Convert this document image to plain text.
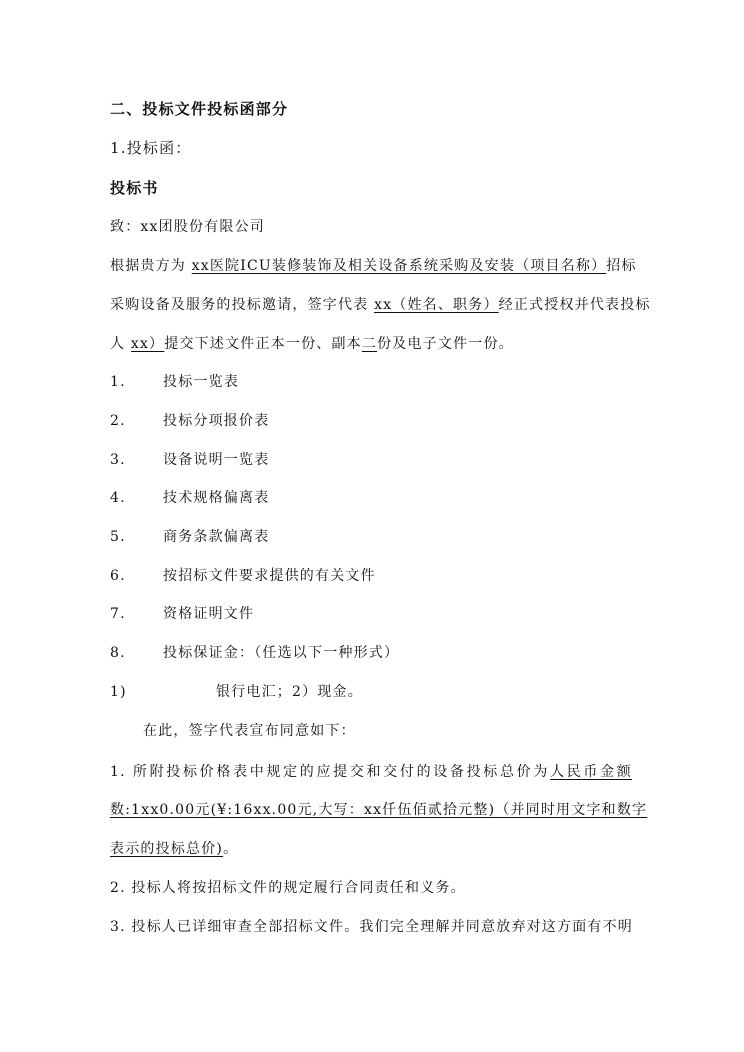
二、投标文件投标函部分
1.投标函：
投标书
致：xx团股份有限公司
根据贵方为 xx医院ICU装修装饰及相关设备系统采购及安装（项目名称）招标
采购设备及服务的投标邀请，签字代表 xx（姓名、职务）经正式授权并代表投标
人 xx）提交下述文件正本一份、副本二份及电子文件一份。
1.	投标一览表
2.	投标分项报价表
3.	设备说明一览表
4.	技术规格偏离表
5.	商务条款偏离表
6.	按招标文件要求提供的有关文件
7.	资格证明文件
8.	投标保证金：（任选以下一种形式）
1)	银行电汇；2）现金。
在此，签字代表宣布同意如下：
1. 所附投标价格表中规定的应提交和交付的设备投标总价为人民币金额
数:1xx0.00元(¥:16xx.00元,大写：xx仟伍佰贰拾元整)（并同时用文字和数字
表示的投标总价)。
2. 投标人将按招标文件的规定履行合同责任和义务。
3. 投标人已详细审查全部招标文件。我们完全理解并同意放弃对这方面有不明
